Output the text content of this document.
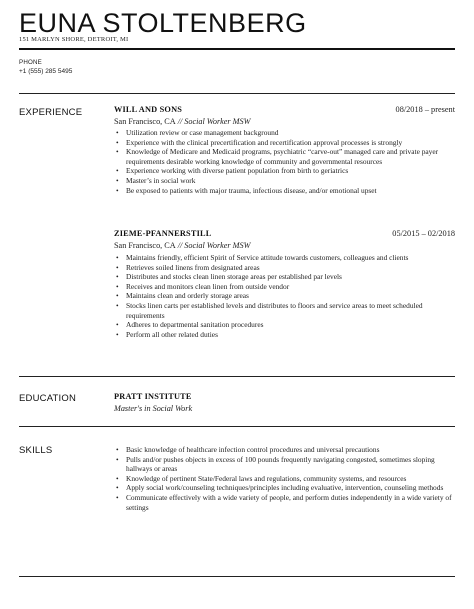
EUNA STOLTENBERG
151 MARLYN SHORE, DETROIT, MI
PHONE
+1 (555) 285 5495
EXPERIENCE	WILL AND SONS	08/2018 – present
San Francisco, CA // Social Worker MSW
• Utilization review or case management background
• Experience with the clinical precertification and recertification approval processes is strongly
• Knowledge of Medicare and Medicaid programs, psychiatric “carve-out” managed care and private payer requirements desirable working knowledge of community and governmental resources
• Experience working with diverse patient population from birth to geriatrics
• Master’s in social work
• Be exposed to patients with major trauma, infectious disease, and/or emotional upset
ZIEME-PFANNERSTILL	05/2015 – 02/2018
San Francisco, CA // Social Worker MSW
• Maintains friendly, efficient Spirit of Service attitude towards customers, colleagues and clients
• Retrieves soiled linens from designated areas
• Distributes and stocks clean linen storage areas per established par levels
• Receives and monitors clean linen from outside vendor
• Maintains clean and orderly storage areas
• Stocks linen carts per established levels and distributes to floors and service areas to meet scheduled requirements
• Adheres to departmental sanitation procedures
• Perform all other related duties
EDUCATION	PRATT INSTITUTE
Master's in Social Work
SKILLS
•	Basic knowledge of healthcare infection control procedures and universal precautions
• Pulls and/or pushes objects in excess of 100 pounds frequently navigating congested, sometimes sloping hallways or areas
• Knowledge of pertinent State/Federal laws and regulations, community systems, and resources
• Apply social work/counseling techniques/principles including evaluative, intervention, counseling methods
• Communicate effectively with a wide variety of people, and perform duties independently in a wide variety of settings
